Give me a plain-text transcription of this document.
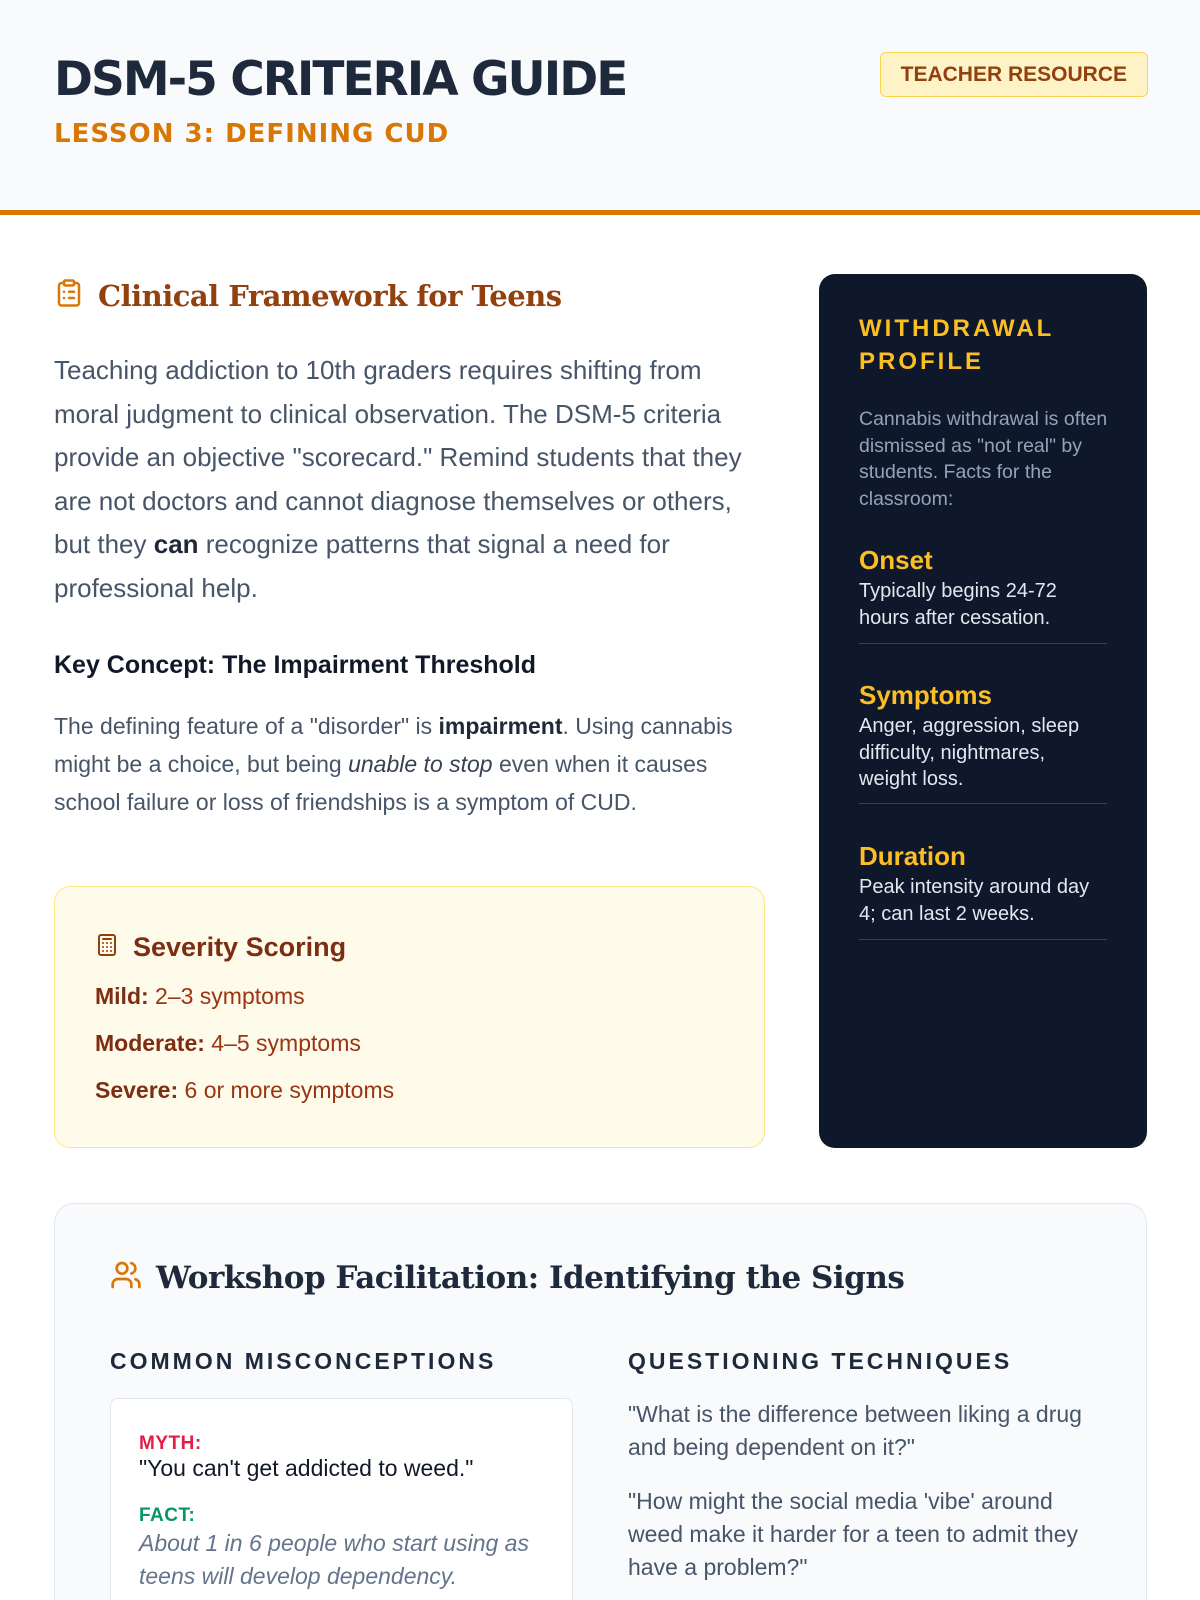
DSM-5 CRITERIA GUIDE
LESSON 3: DEFINING CUD
TEACHER RESOURCE
Clinical Framework for Teens

Teaching addiction to 10th graders requires shifting from moral judgment to clinical observation. The DSM-5 criteria provide an objective "scorecard." Remind students that they are not doctors and cannot diagnose themselves or others, but they can recognize patterns that signal a need for professional help.

Key Concept: The Impairment Threshold

The defining feature of a "disorder" is impairment. Using cannabis might be a choice, but being unable to stop even when it causes school failure or loss of friendships is a symptom of CUD.

Severity Scoring
Mild: 2–3 symptoms
Moderate: 4–5 symptoms
Severe: 6 or more symptoms
WITHDRAWAL PROFILE
Cannabis withdrawal is often dismissed as "not real" by students. Facts for the classroom:
Onset
Typically begins 24-72 hours after cessation.
Symptoms
Anger, aggression, sleep difficulty, nightmares, weight loss.
Duration
Peak intensity around day 4; can last 2 weeks.
Workshop Facilitation: Identifying the Signs
COMMON MISCONCEPTIONS
MYTH:
"You can't get addicted to weed."
FACT:
About 1 in 6 people who start using as teens will develop dependency.
QUESTIONING TECHNIQUES
"What is the difference between liking a drug and being dependent on it?"
"How might the social media 'vibe' around weed make it harder for a teen to admit they have a problem?"
